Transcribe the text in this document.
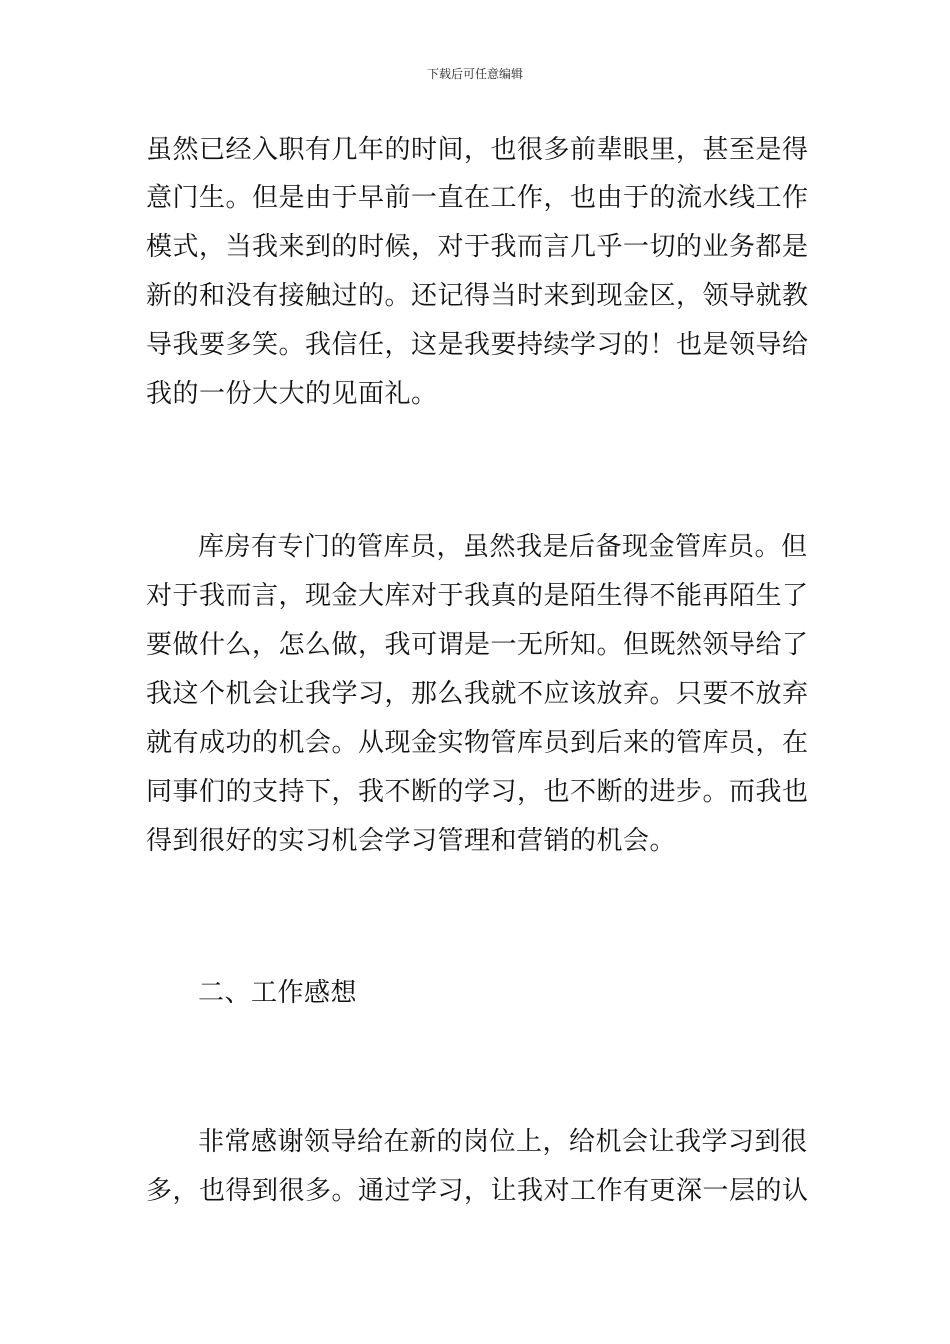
下载后可任意编辑
虽然已经入职有几年的时间，也很多前辈眼里，甚至是得
意门生。但是由于早前一直在工作，也由于的流水线工作
模式，当我来到的时候，对于我而言几乎一切的业务都是
新的和没有接触过的。还记得当时来到现金区，领导就教
导我要多笑。我信任，这是我要持续学习的！也是领导给
我的一份大大的见面礼。
库房有专门的管库员，虽然我是后备现金管库员。但
对于我而言，现金大库对于我真的是陌生得不能再陌生了
要做什么，怎么做，我可谓是一无所知。但既然领导给了
我这个机会让我学习，那么我就不应该放弃。只要不放弃
就有成功的机会。从现金实物管库员到后来的管库员，在
同事们的支持下，我不断的学习，也不断的进步。而我也
得到很好的实习机会学习管理和营销的机会。
二、工作感想
非常感谢领导给在新的岗位上，给机会让我学习到很
多，也得到很多。通过学习，让我对工作有更深一层的认
